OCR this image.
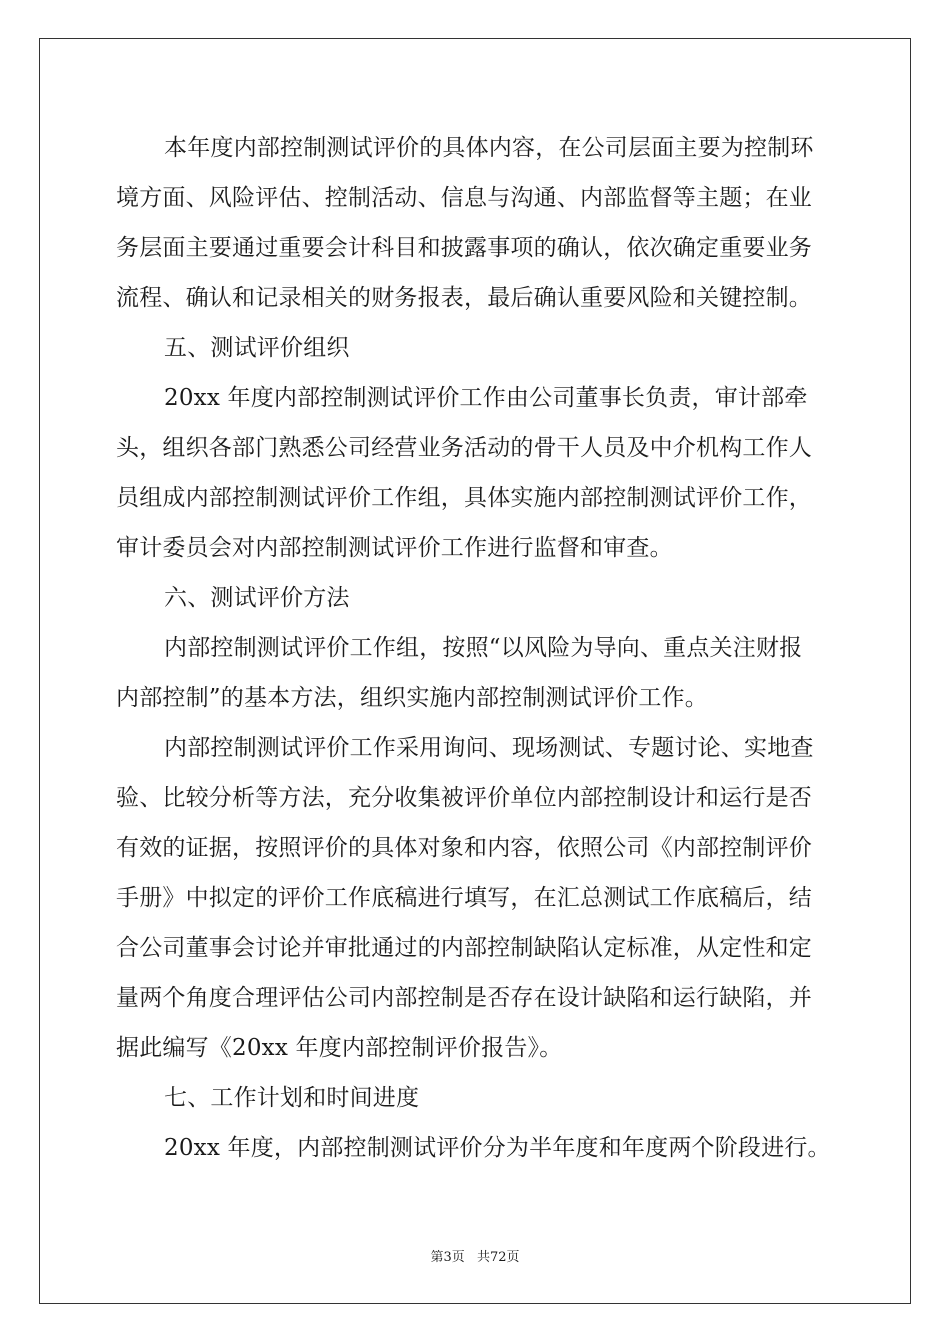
本年度内部控制测试评价的具体内容，在公司层面主要为控制环
境方面、风险评估、控制活动、信息与沟通、内部监督等主题；在业
务层面主要通过重要会计科目和披露事项的确认，依次确定重要业务
流程、确认和记录相关的财务报表，最后确认重要风险和关键控制。
五、测试评价组织
20xx 年度内部控制测试评价工作由公司董事长负责，审计部牵
头，组织各部门熟悉公司经营业务活动的骨干人员及中介机构工作人
员组成内部控制测试评价工作组，具体实施内部控制测试评价工作，
审计委员会对内部控制测试评价工作进行监督和审查。
六、测试评价方法
内部控制测试评价工作组，按照“以风险为导向、重点关注财报
内部控制”的基本方法，组织实施内部控制测试评价工作。
内部控制测试评价工作采用询问、现场测试、专题讨论、实地查
验、比较分析等方法，充分收集被评价单位内部控制设计和运行是否
有效的证据，按照评价的具体对象和内容，依照公司《内部控制评价
手册》中拟定的评价工作底稿进行填写，在汇总测试工作底稿后，结
合公司董事会讨论并审批通过的内部控制缺陷认定标准，从定性和定
量两个角度合理评估公司内部控制是否存在设计缺陷和运行缺陷，并
据此编写《20xx 年度内部控制评价报告》。
七、工作计划和时间进度
20xx 年度，内部控制测试评价分为半年度和年度两个阶段进行。
第3页 共72页
